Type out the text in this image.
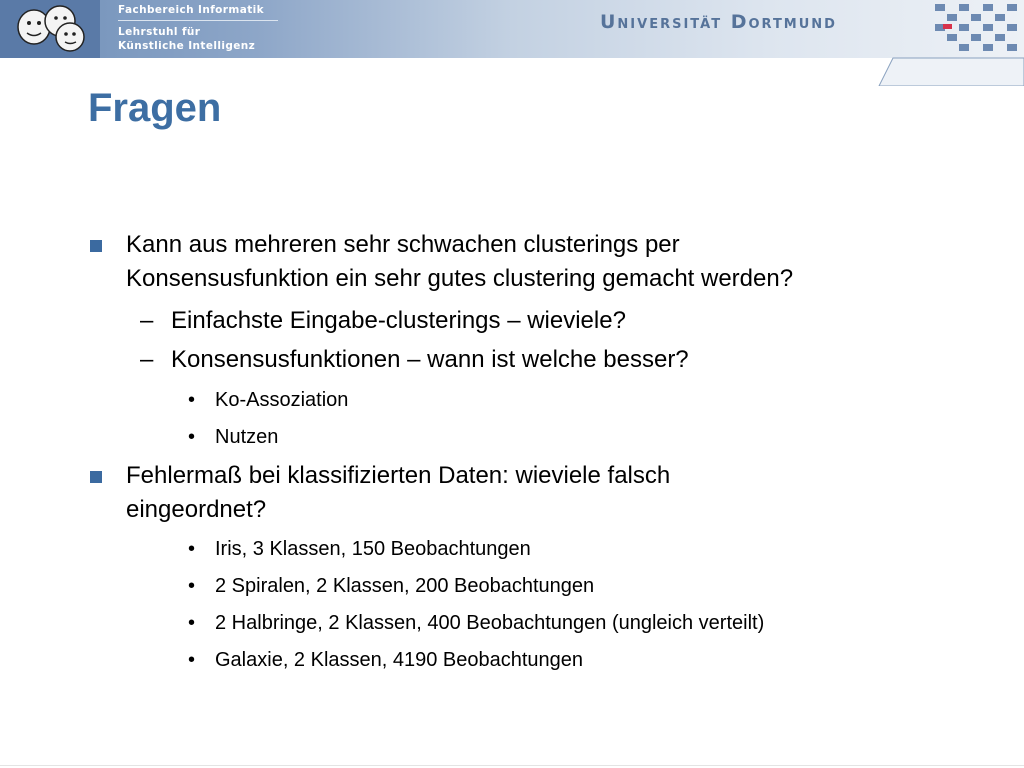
Fachbereich Informatik
Lehrstuhl für
Künstliche Intelligenz
Universität Dortmund
Fragen
Kann aus mehreren sehr schwachen clusterings per
Konsensusfunktion ein sehr gutes clustering gemacht werden?
– Einfachste Eingabe-clusterings – wieviele?
– Konsensusfunktionen – wann ist welche besser?
• Ko-Assoziation
• Nutzen
Fehlermaß bei klassifizierten Daten: wieviele falsch
eingeordnet?
• Iris, 3 Klassen, 150 Beobachtungen
• 2 Spiralen, 2 Klassen, 200 Beobachtungen
• 2 Halbringe, 2 Klassen, 400 Beobachtungen (ungleich verteilt)
• Galaxie, 2 Klassen, 4190 Beobachtungen
